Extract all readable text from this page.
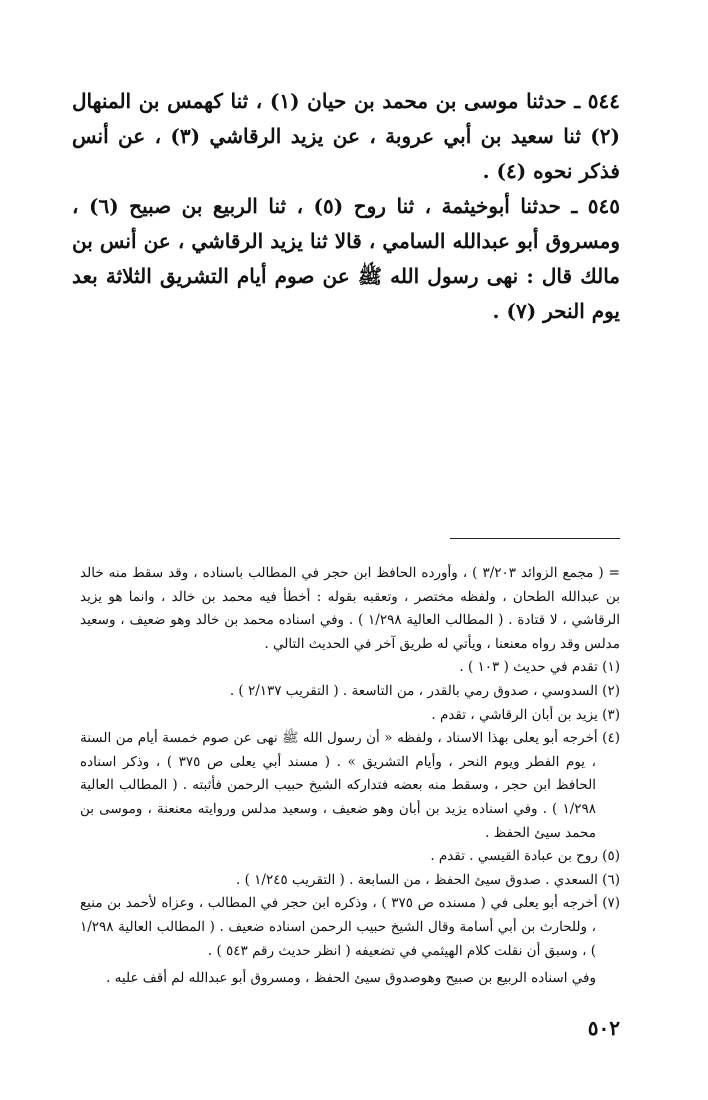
٥٤٤ ـ حدثنا موسى بن محمد بن حيان (١) ، ثنا كهمس بن المنهال (٢) ثنا سعيد بن أبي عروبة ، عن يزيد الرقاشي (٣) ، عن أنس فذكر نحوه (٤) .

٥٤٥ ـ حدثنا أبوخيثمة ، ثنا روح (٥) ، ثنا الربيع بن صبيح (٦) ، ومسروق أبو عبدالله السامي ، قالا ثنا يزيد الرقاشي ، عن أنس بن مالك قال : نهى رسول الله ﷺ عن صوم أيام التشريق الثلاثة بعد يوم النحر (٧) .

= ( مجمع الزوائد ٣/٢٠٣ ) ، وأورده الحافظ ابن حجر في المطالب باسناده ، وقد سقط منه خالد بن عبدالله الطحان ، ولفظه مختصر ، وتعقبه بقوله : أخطأ فيه محمد بن خالد ، وانما هو يزيد الرقاشي ، لا قتادة . ( المطالب العالية ١/٢٩٨ ) . وفي اسناده محمد بن خالد وهو ضعيف ، وسعيد مدلس وقد رواه معنعنا ، ويأتي له طريق آخر في الحديث التالي .

(١) تقدم في حديث ( ١٠٣ ) .

(٢) السدوسي ، صدوق رمي بالقدر ، من التاسعة . ( التقريب ٢/١٣٧ ) .

(٣) يزيد بن أبان الرقاشي ، تقدم .

(٤) أخرجه أبو يعلى بهذا الاسناد ، ولفظه « أن رسول الله ﷺ نهى عن صوم خمسة أيام من السنة ، يوم الفطر ويوم النحر ، وأيام التشريق » . ( مسند أبي يعلى ص ٣٧٥ ) ، وذكر اسناده الحافظ ابن حجر ، وسقط منه بعضه فتداركه الشيخ حبيب الرحمن فأثبته . ( المطالب العالية ١/٢٩٨ ) . وفي اسناده يزيد بن أبان وهو ضعيف ، وسعيد مدلس وروايته معنعنة ، وموسى بن محمد سيئ الحفظ .

(٥) روح بن عبادة القيسي . تقدم .

(٦) السعدي . صدوق سيئ الحفظ ، من السابعة . ( التقريب ١/٢٤٥ ) .

(٧) أخرجه أبو يعلى في ( مسنده ص ٣٧٥ ) ، وذكره ابن حجر في المطالب ، وعزاه لأحمد بن منيع ، وللحارث بن أبي أسامة وقال الشيخ حبيب الرحمن اسناده ضعيف . ( المطالب العالية ١/٢٩٨ ) ، وسبق أن نقلت كلام الهيثمي في تضعيفه ( انظر حديث رقم ٥٤٣ ) .

وفي اسناده الربيع بن صبيح وهوصدوق سيئ الحفظ ، ومسروق أبو عبدالله لم أقف عليه .

٥٠٢
